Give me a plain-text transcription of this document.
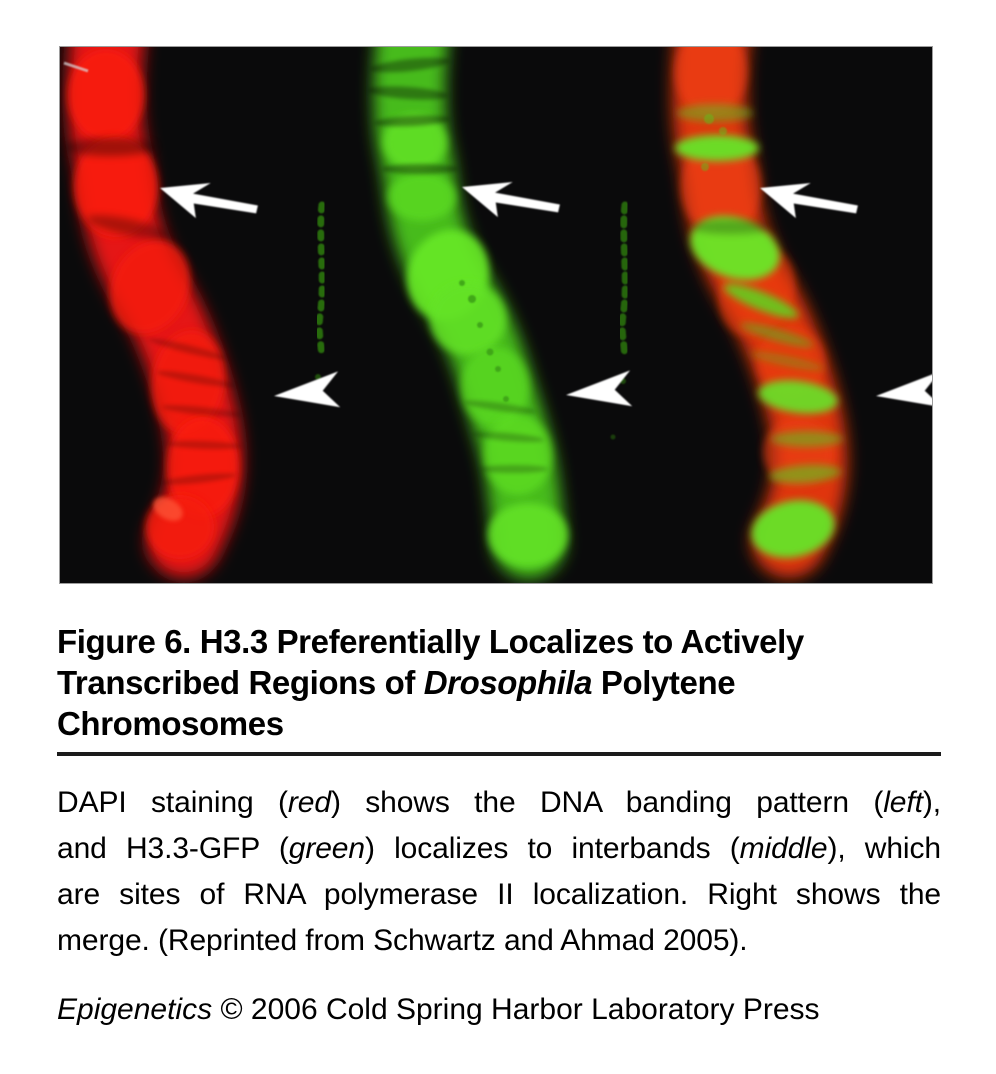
Figure 6. H3.3 Preferentially Localizes to Actively
Transcribed Regions of Drosophila Polytene
Chromosomes
DAPI staining (red) shows the DNA banding pattern (left),
and H3.3-GFP (green) localizes to interbands (middle), which
are sites of RNA polymerase II localization. Right shows the
merge. (Reprinted from Schwartz and Ahmad 2005).

Epigenetics © 2006 Cold Spring Harbor Laboratory Press
